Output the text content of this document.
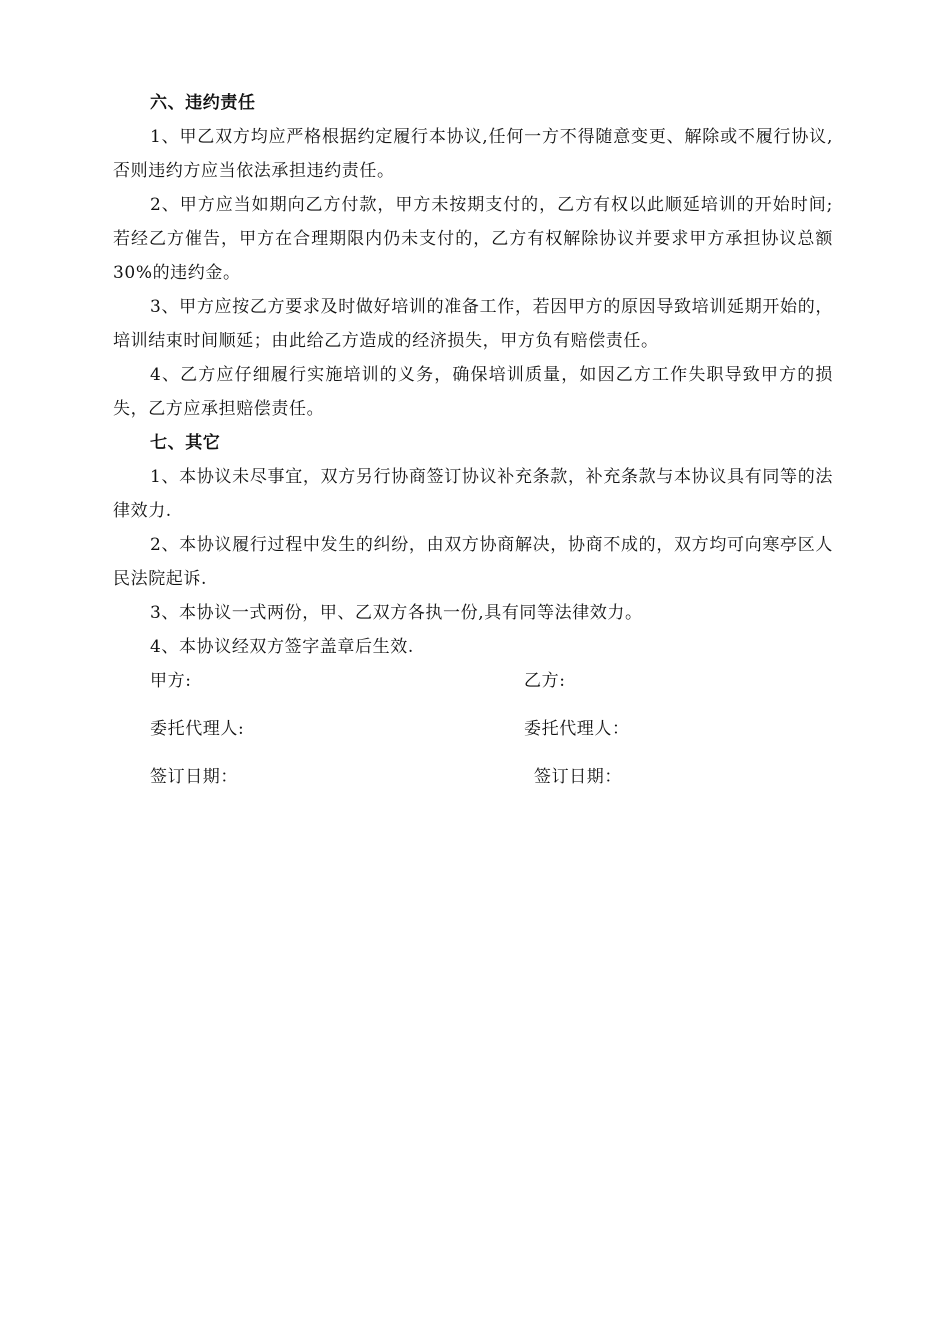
六、违约责任

1、甲乙双方均应严格根据约定履行本协议,任何一方不得随意变更、解除或不履行协议,否则违约方应当依法承担违约责任。

2、甲方应当如期向乙方付款，甲方未按期支付的，乙方有权以此顺延培训的开始时间;若经乙方催告，甲方在合理期限内仍未支付的，乙方有权解除协议并要求甲方承担协议总额30%的违约金。

3、甲方应按乙方要求及时做好培训的准备工作，若因甲方的原因导致培训延期开始的，培训结束时间顺延；由此给乙方造成的经济损失，甲方负有赔偿责任。

4、乙方应仔细履行实施培训的义务，确保培训质量，如因乙方工作失职导致甲方的损失，乙方应承担赔偿责任。

七、其它

1、本协议未尽事宜，双方另行协商签订协议补充条款，补充条款与本协议具有同等的法律效力.

2、本协议履行过程中发生的纠纷，由双方协商解决，协商不成的，双方均可向寒亭区人民法院起诉.

3、本协议一式两份，甲、乙双方各执一份,具有同等法律效力。

4、本协议经双方签字盖章后生效.

甲方:	乙方:
委托代理人:	委托代理人：
签订日期：	签订日期：
